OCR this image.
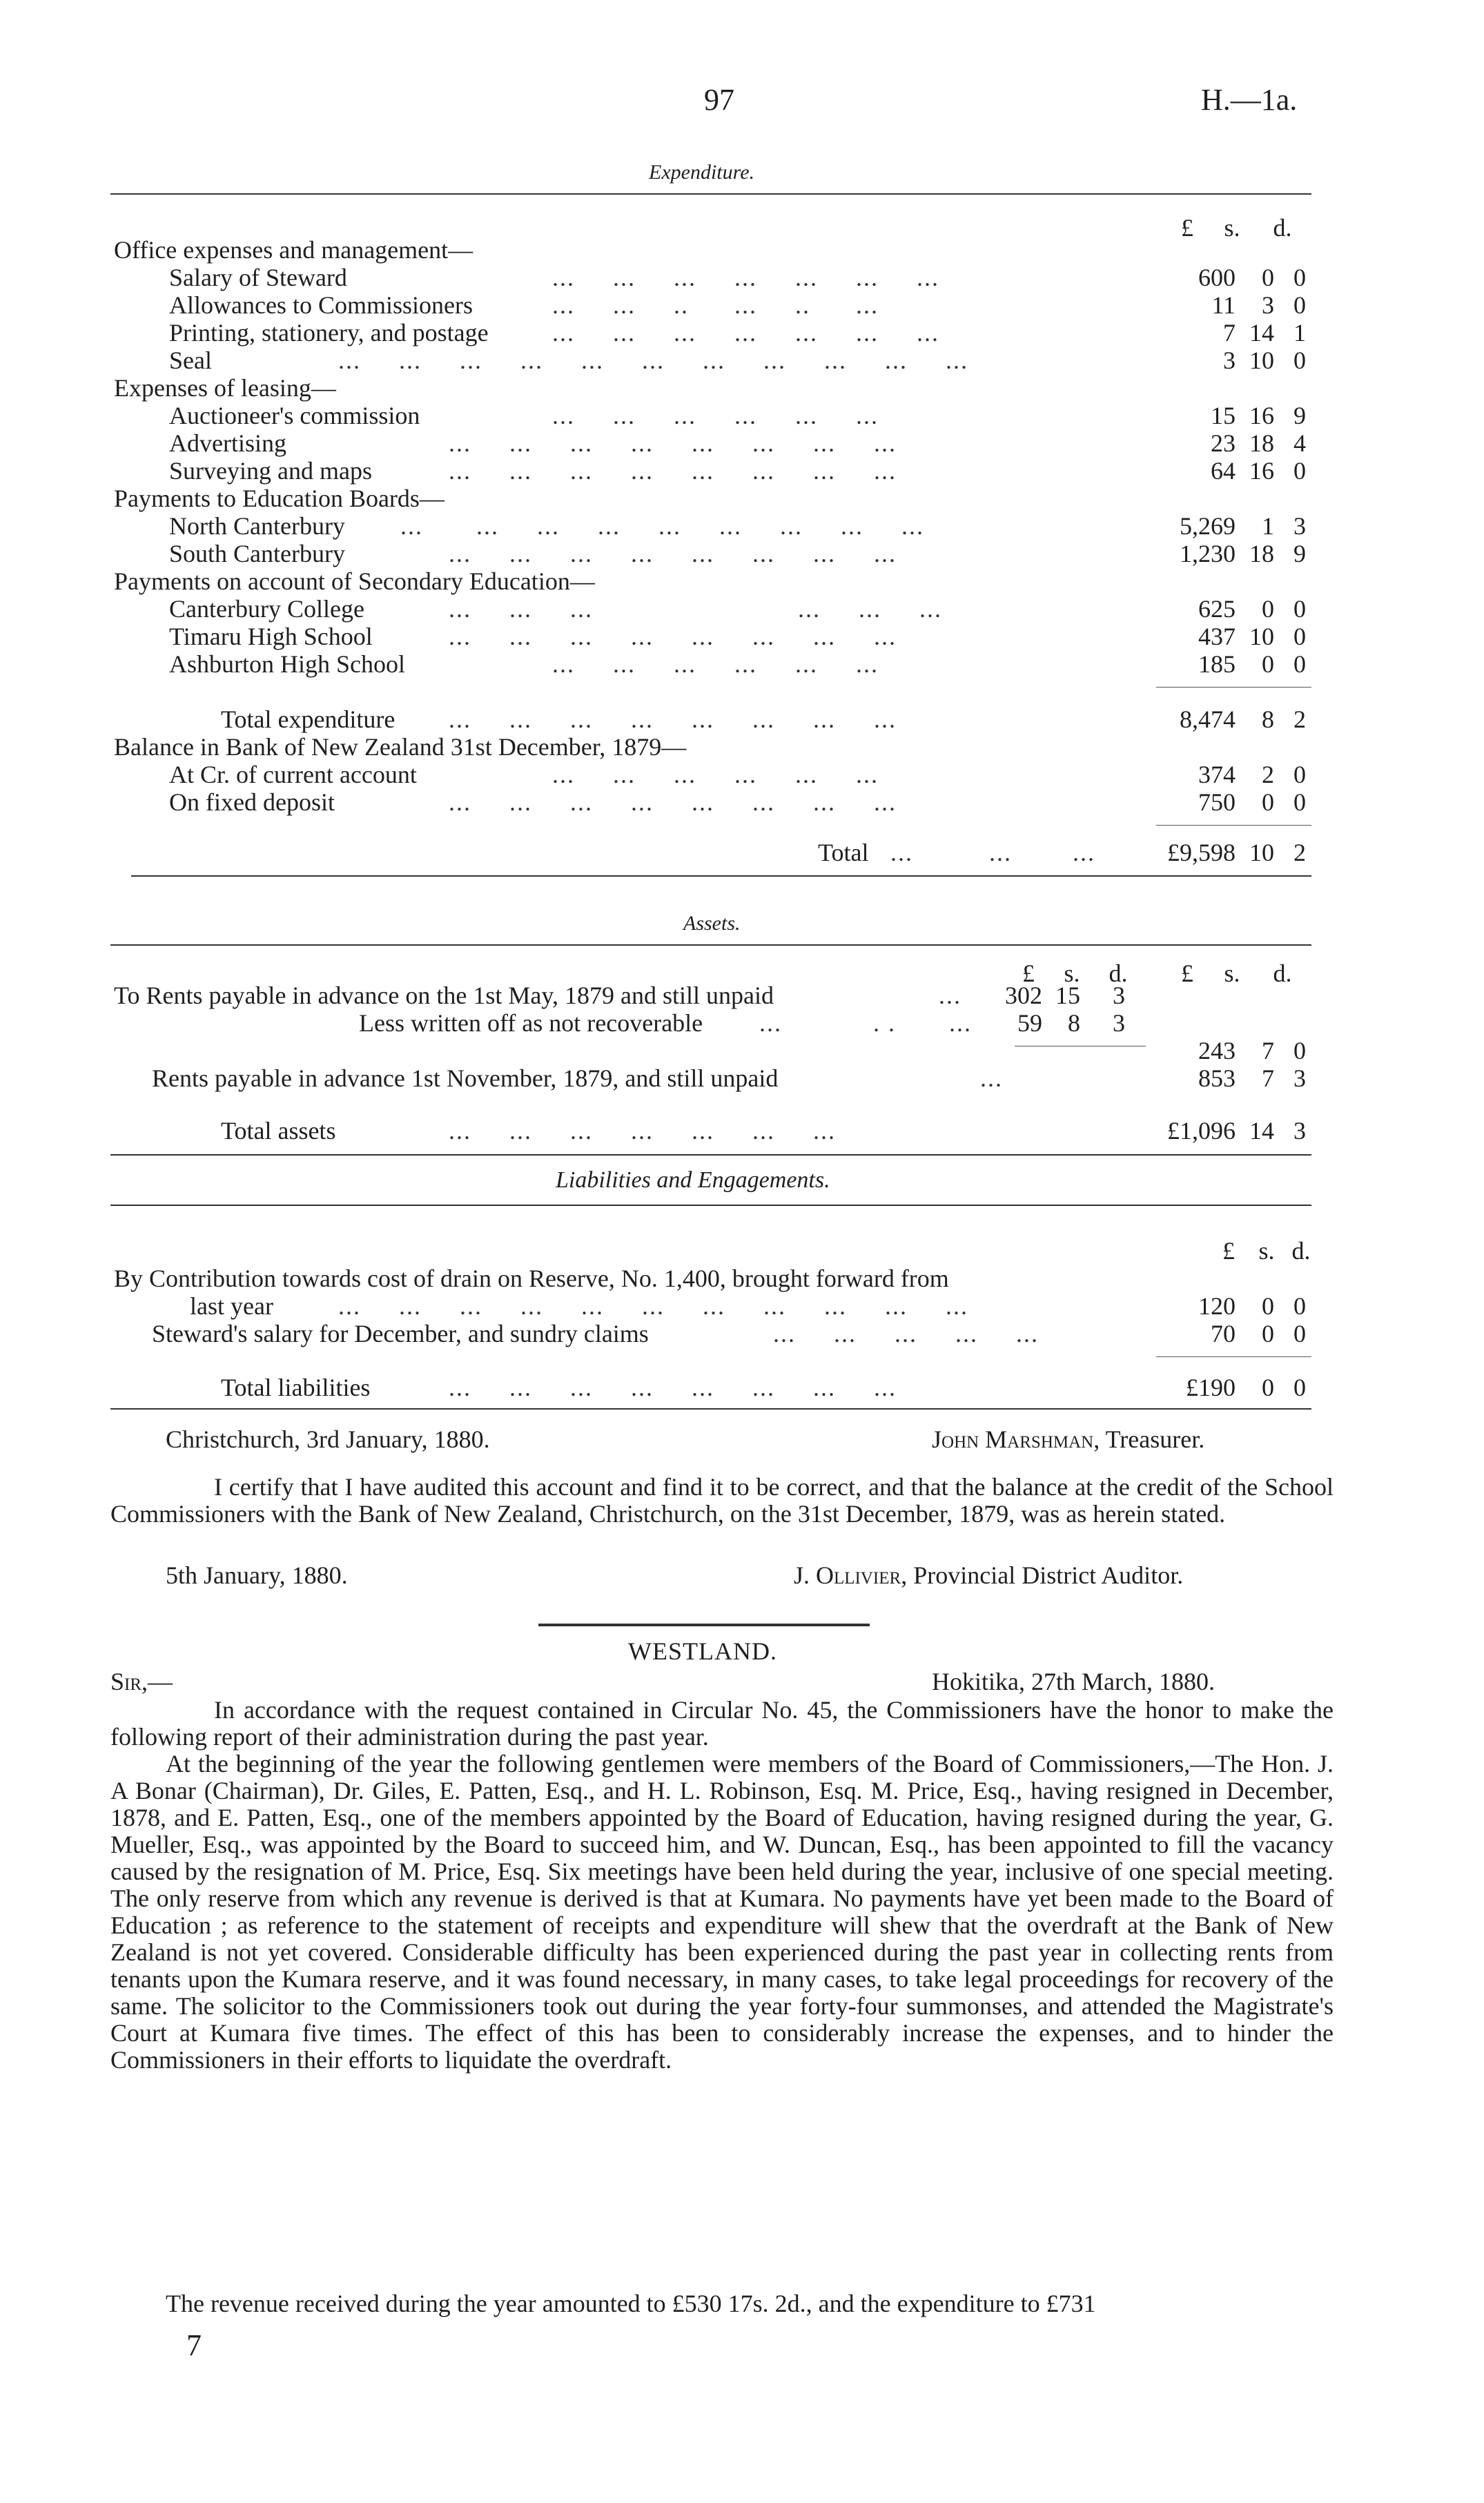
97	H.—1a.
Expenditure.
£	s.	d.
Office expenses and management—
Salary of Steward	...     ...     ...     ...     ...     ...     ...	600	0 0
Allowances to Commissioners	...     ...     ..      ...     ..      ...	11	3 0
Printing, stationery, and postage	...     ...     ...     ...     ...     ...     ...	7 14 1
Seal	...     ...     ...     ...     ...     ...     ...     ...     ...     ...     ...	3 10 0
Expenses of leasing—
Auctioneer's commission	...     ...     ...     ...     ...     ...	15 16 9
Advertising	...     ...     ...     ...     ...     ...     ...     ...	23 18 4
Surveying and maps	...     ...     ...     ...     ...     ...     ...     ...	64 16 0
Payments to Education Boards—
North Canterbury ...       ...     ...     ...     ...     ...     ...     ...     ...	5,269	1 3
South Canterbury	...     ...     ...     ...     ...     ...     ...     ...	1,230 18 9
Payments on account of Secondary Education—
Canterbury College	...     ...     ...                           ...     ...     ...	625	0 0
Timaru High School	...     ...     ...     ...     ...     ...     ...     ...	437 10 0
Ashburton High School	...     ...     ...     ...     ...     ...	185	0 0
Total expenditure ...     ...     ...     ...     ...     ...     ...     ...	8,474	8 2
Balance in Bank of New Zealand 31st December, 1879—
At Cr. of current account	...     ...     ...     ...     ...     ...	374	2 0
On fixed deposit	...     ...     ...     ...     ...     ...     ...     ...	750	0 0
Total ...          ...        ...	£9,598 10 2
Assets.
£	s.	d.	£	s.	d.
To Rents payable in advance on the 1st May, 1879 and still unpaid	...	302 15	3
Less written off as not recoverable ...            . .       ...	59	8	3
243	7 0
Rents payable in advance 1st November, 1879, and still unpaid	...	853	7 3
Total assets	...     ...     ...     ...     ...     ...     ...	£1,096 14 3
Liabilities and Engagements.
£ s. d.
By Contribution towards cost of drain on Reserve, No. 1,400, brought forward from
last year	...     ...     ...     ...     ...     ...     ...     ...     ...     ...     ...	120	0 0
Steward's salary for December, and sundry claims	...     ...     ...     ...     ...	70	0 0
Total liabilities	...     ...     ...     ...     ...     ...     ...     ...	£190	0 0
Christchurch, 3rd January, 1880.	John Marshman, Treasurer.
I certify that I have audited this account and find it to be correct, and that the balance at the credit of the School Commissioners with the Bank of New Zealand, Christchurch, on the 31st December, 1879, was as herein stated.
5th January, 1880.	J. Ollivier, Provincial District Auditor.
WESTLAND.
Sir,—	Hokitika, 27th March, 1880.
In accordance with the request contained in Circular No. 45, the Commissioners have the honor to make the following report of their administration during the past year.
At the beginning of the year the following gentlemen were members of the Board of Commissioners,—The Hon. J. A Bonar (Chairman), Dr. Giles, E. Patten, Esq., and H. L. Robinson, Esq. M. Price, Esq., having resigned in December, 1878, and E. Patten, Esq., one of the members appointed by the Board of Education, having resigned during the year, G. Mueller, Esq., was appointed by the Board to succeed him, and W. Duncan, Esq., has been appointed to fill the vacancy caused by the resignation of M. Price, Esq. Six meetings have been held during the year, inclusive of one special meeting. The only reserve from which any revenue is derived is that at Kumara. No payments have yet been made to the Board of Education ; as reference to the statement of receipts and expenditure will shew that the overdraft at the Bank of New Zealand is not yet covered. Considerable difficulty has been experienced during the past year in collecting rents from tenants upon the Kumara reserve, and it was found necessary, in many cases, to take legal proceedings for recovery of the same. The solicitor to the Commissioners took out during the year forty-four summonses, and attended the Magistrate's Court at Kumara five times. The effect of this has been to considerably increase the expenses, and to hinder the Commissioners in their efforts to liquidate the overdraft.
The revenue received during the year amounted to £530 17s. 2d., and the expenditure to £731
7
